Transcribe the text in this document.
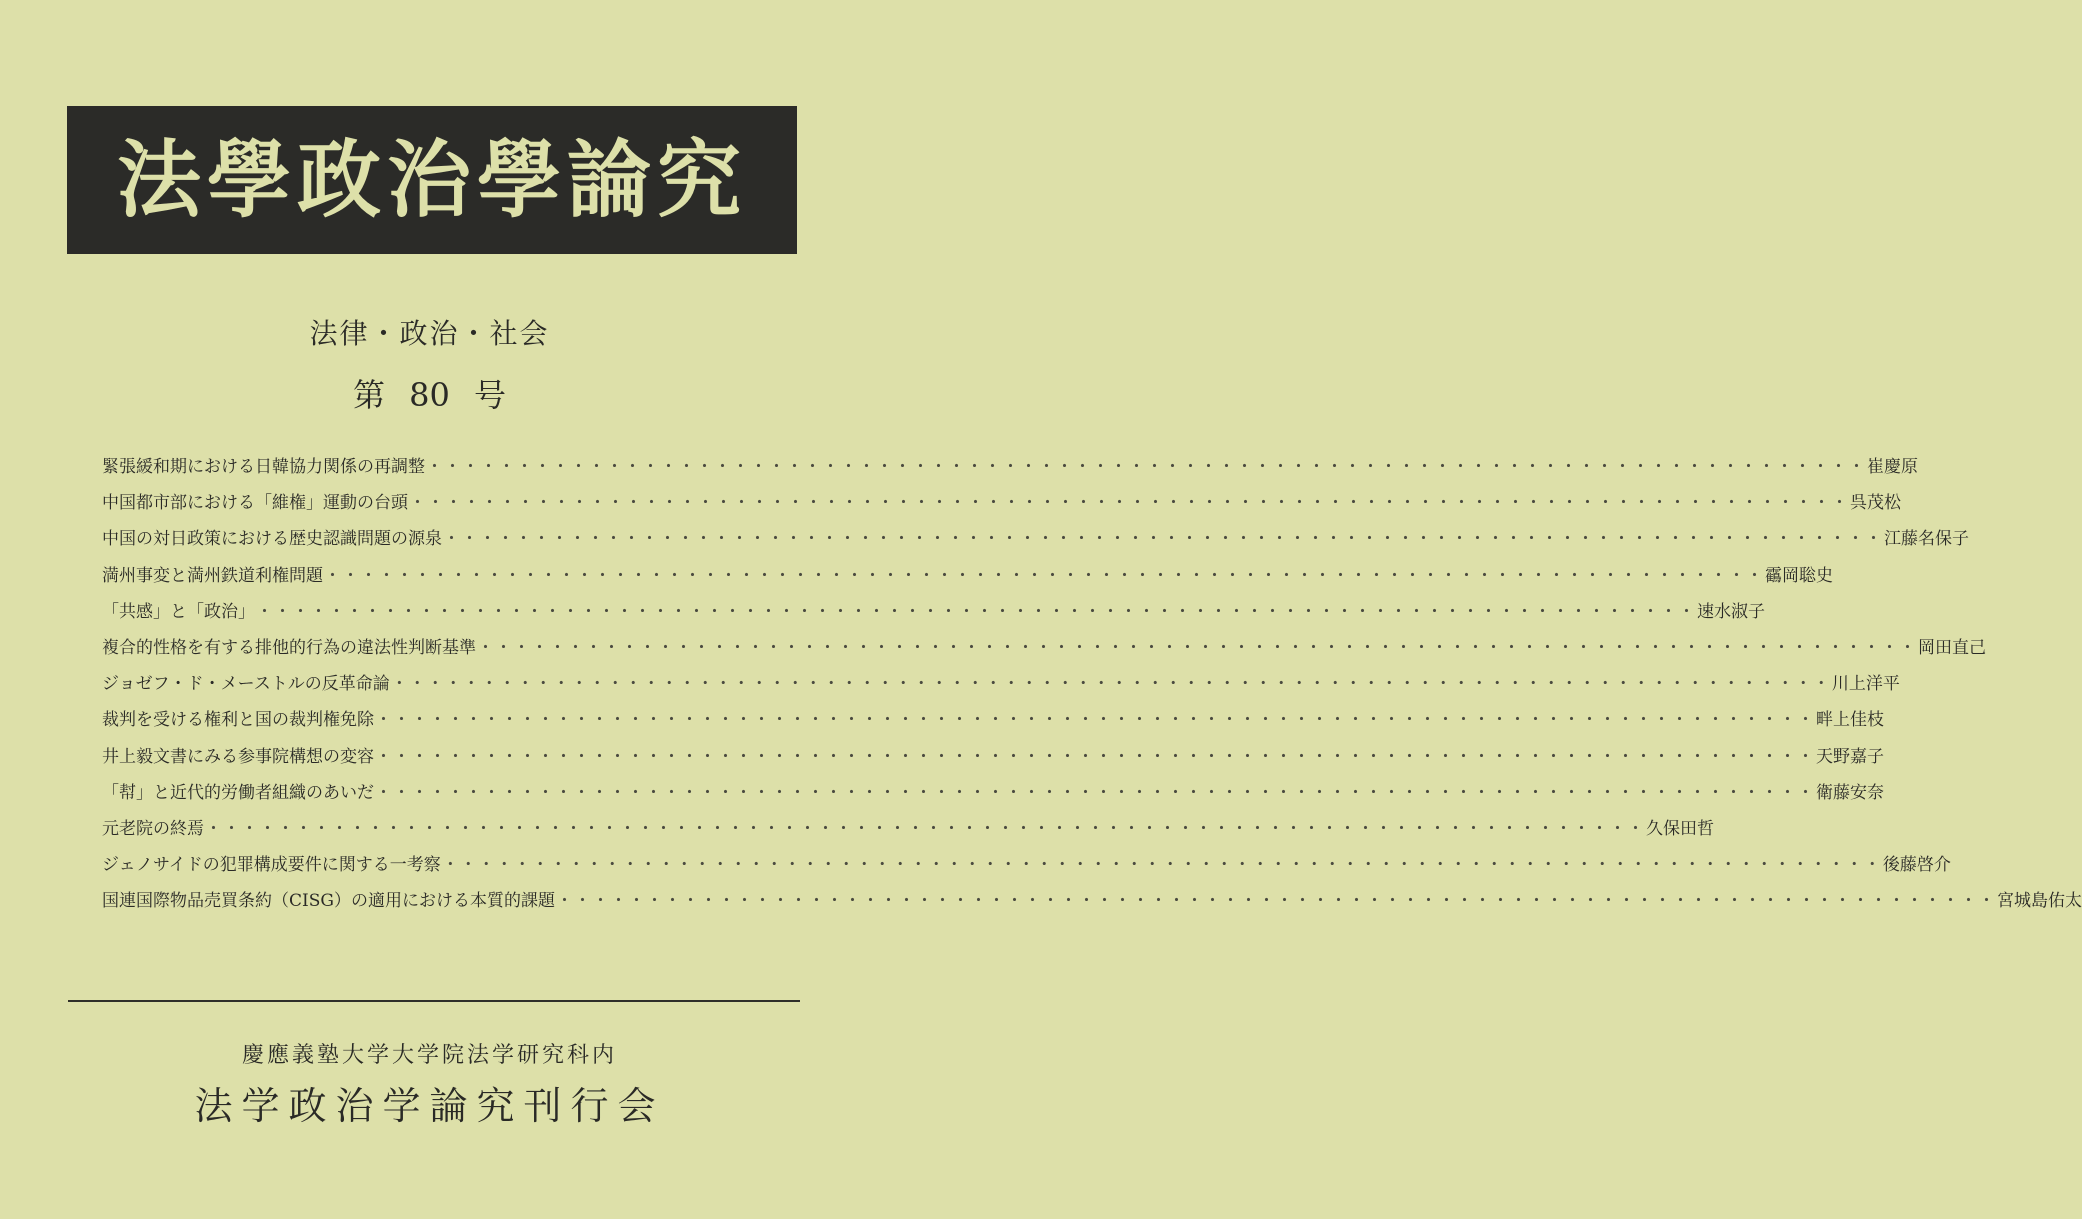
法學政治學論究
法律・政治・社会
第 80 号
緊張緩和期における日韓協力関係の再調整 ・・・・・・・・・・・・・・・・・・・・・・・・・・・・・・・・・・・・・・・・・・・・・・・・・・・・・・・・・・・・・・・・・・・・・・・・・・・・・・・・ 崔 慶 原
中国都市部における「維権」運動の台頭 ・・・・・・・・・・・・・・・・・・・・・・・・・・・・・・・・・・・・・・・・・・・・・・・・・・・・・・・・・・・・・・・・・・・・・・・・・・・・・・・・ 呉 茂 松
中国の対日政策における歴史認識問題の源泉 ・・・・・・・・・・・・・・・・・・・・・・・・・・・・・・・・・・・・・・・・・・・・・・・・・・・・・・・・・・・・・・・・・・・・・・・・・・・・・・・・ 江 藤 名保子
満州事変と満州鉄道利権問題 ・・・・・・・・・・・・・・・・・・・・・・・・・・・・・・・・・・・・・・・・・・・・・・・・・・・・・・・・・・・・・・・・・・・・・・・・・・・・・・・・ 靍 岡 聡 史
「共感」と「政治」 ・・・・・・・・・・・・・・・・・・・・・・・・・・・・・・・・・・・・・・・・・・・・・・・・・・・・・・・・・・・・・・・・・・・・・・・・・・・・・・・・ 速 水 淑 子
複合的性格を有する排他的行為の違法性判断基準 ・・・・・・・・・・・・・・・・・・・・・・・・・・・・・・・・・・・・・・・・・・・・・・・・・・・・・・・・・・・・・・・・・・・・・・・・・・・・・・・・ 岡 田 直 己
ジョゼフ・ド・メーストルの反革命論 ・・・・・・・・・・・・・・・・・・・・・・・・・・・・・・・・・・・・・・・・・・・・・・・・・・・・・・・・・・・・・・・・・・・・・・・・・・・・・・・・ 川 上 洋 平
裁判を受ける権利と国の裁判権免除 ・・・・・・・・・・・・・・・・・・・・・・・・・・・・・・・・・・・・・・・・・・・・・・・・・・・・・・・・・・・・・・・・・・・・・・・・・・・・・・・・ 畔 上 佳 枝
井上毅文書にみる参事院構想の変容 ・・・・・・・・・・・・・・・・・・・・・・・・・・・・・・・・・・・・・・・・・・・・・・・・・・・・・・・・・・・・・・・・・・・・・・・・・・・・・・・・ 天 野 嘉 子
「幇」と近代的労働者組織のあいだ ・・・・・・・・・・・・・・・・・・・・・・・・・・・・・・・・・・・・・・・・・・・・・・・・・・・・・・・・・・・・・・・・・・・・・・・・・・・・・・・・ 衛 藤 安 奈
元老院の終焉 ・・・・・・・・・・・・・・・・・・・・・・・・・・・・・・・・・・・・・・・・・・・・・・・・・・・・・・・・・・・・・・・・・・・・・・・・・・・・・・・・ 久保田 哲
ジェノサイドの犯罪構成要件に関する一考察 ・・・・・・・・・・・・・・・・・・・・・・・・・・・・・・・・・・・・・・・・・・・・・・・・・・・・・・・・・・・・・・・・・・・・・・・・・・・・・・・・ 後 藤 啓 介
国連国際物品売買条約（CISG）の適用における本質的課題 ・・・・・・・・・・・・・・・・・・・・・・・・・・・・・・・・・・・・・・・・・・・・・・・・・・・・・・・・・・・・・・・・・・・・・・・・・・・・・・・・ 宮城島 佑 太
慶應義塾大学大学院法学研究科内
法学政治学論究刊行会
